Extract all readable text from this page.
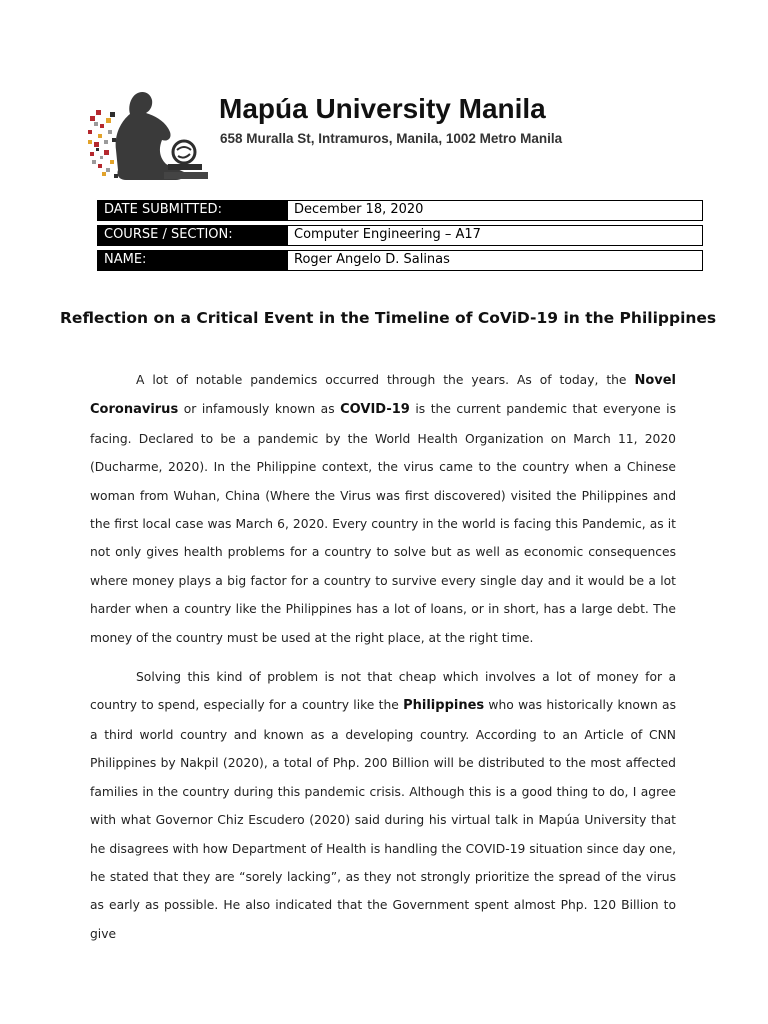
Mapúa University Manila
658 Muralla St, Intramuros, Manila, 1002 Metro Manila
DATE SUBMITTED:	December 18, 2020
COURSE / SECTION:	Computer Engineering – A17
NAME:	Roger Angelo D. Salinas
Reflection on a Critical Event in the Timeline of CoViD-19 in the Philippines

A lot of notable pandemics occurred through the years. As of today, the Novel Coronavirus or infamously known as COVID-19 is the current pandemic that everyone is facing. Declared to be a pandemic by the World Health Organization on March 11, 2020 (Ducharme, 2020). In the Philippine context, the virus came to the country when a Chinese woman from Wuhan, China (Where the Virus was first discovered) visited the Philippines and the first local case was March 6, 2020. Every country in the world is facing this Pandemic, as it not only gives health problems for a country to solve but as well as economic consequences where money plays a big factor for a country to survive every single day and it would be a lot harder when a country like the Philippines has a lot of loans, or in short, has a large debt. The money of the country must be used at the right place, at the right time.

Solving this kind of problem is not that cheap which involves a lot of money for a country to spend, especially for a country like the Philippines who was historically known as a third world country and known as a developing country. According to an Article of CNN Philippines by Nakpil (2020), a total of Php. 200 Billion will be distributed to the most affected families in the country during this pandemic crisis. Although this is a good thing to do, I agree with what Governor Chiz Escudero (2020) said during his virtual talk in Mapúa University that he disagrees with how Department of Health is handling the COVID-19 situation since day one, he stated that they are “sorely lacking”, as they not strongly prioritize the spread of the virus as early as possible. He also indicated that the Government spent almost Php. 120 Billion to give
